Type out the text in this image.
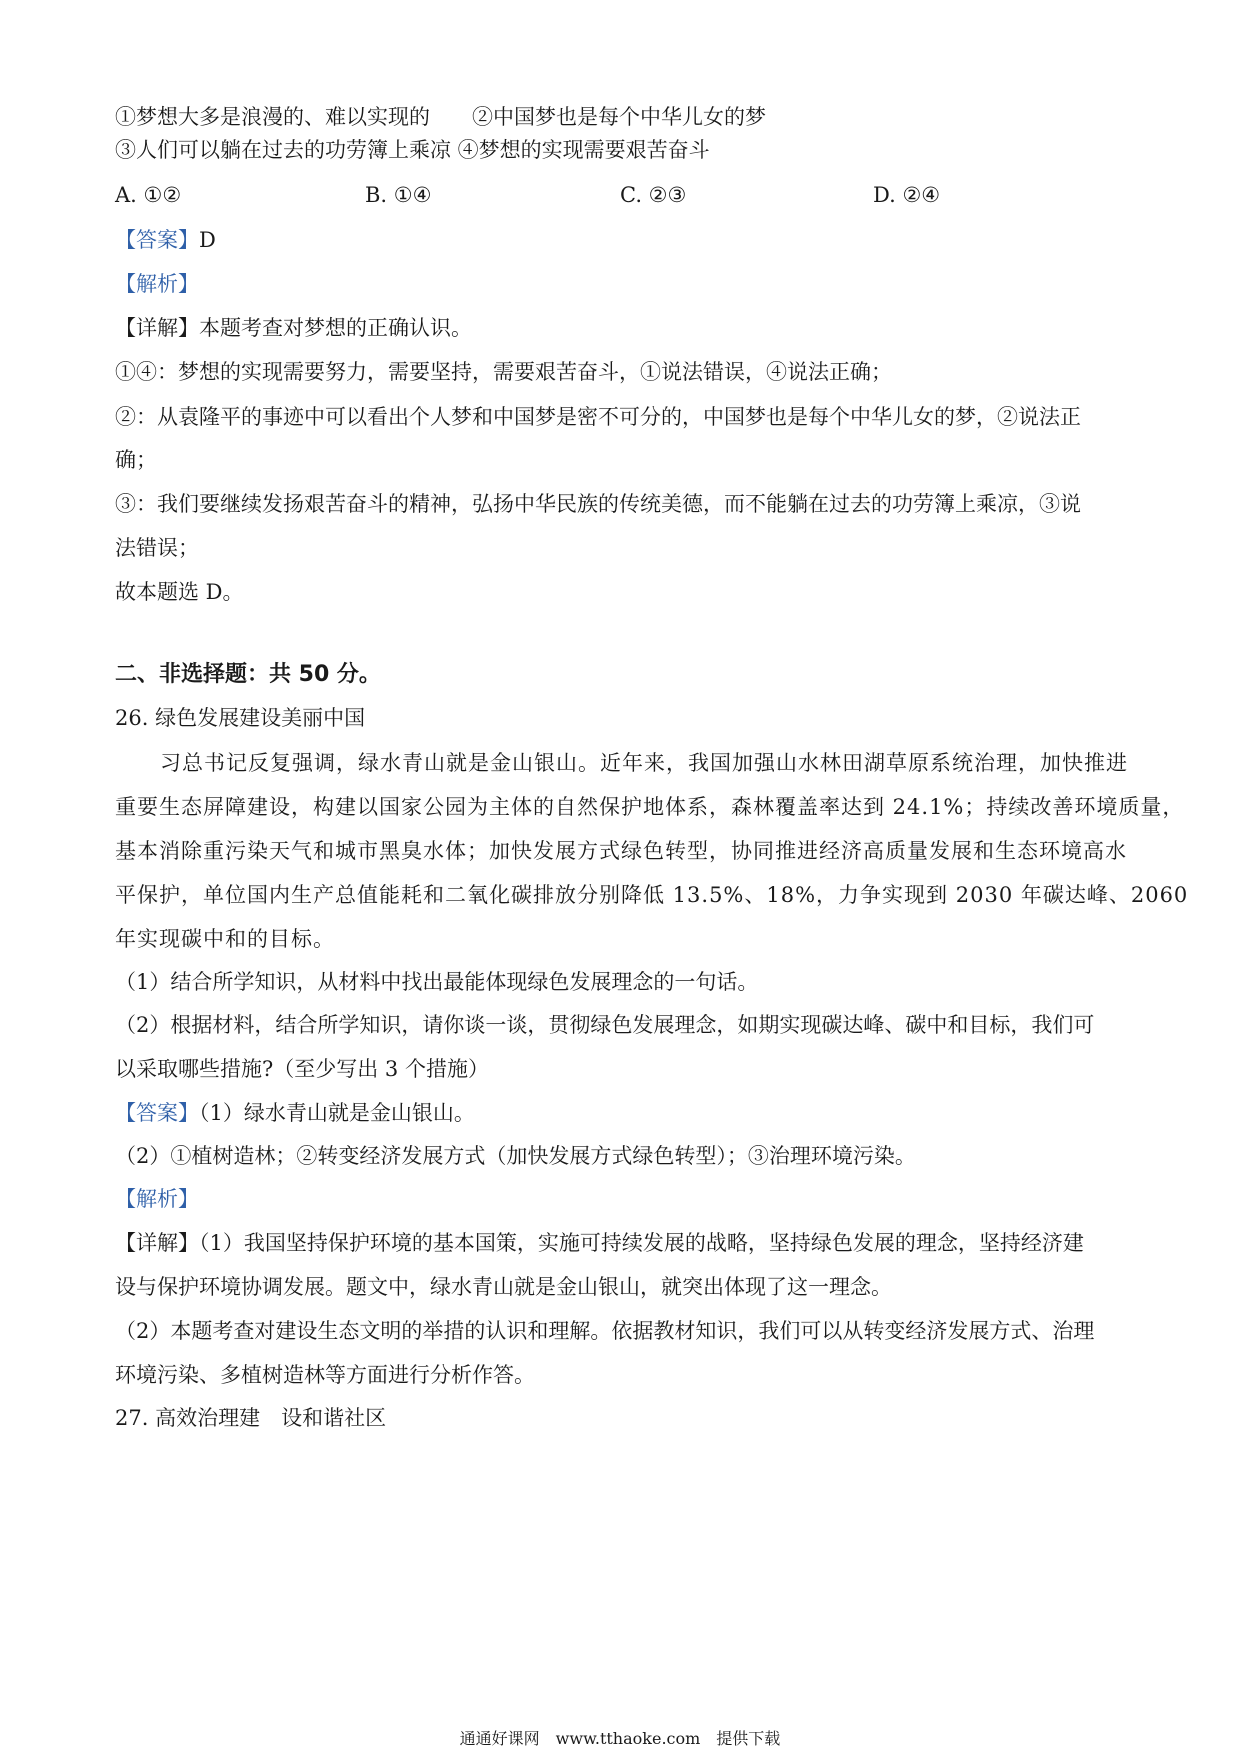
①梦想大多是浪漫的、难以实现的　　②中国梦也是每个中华儿女的梦
③人们可以躺在过去的功劳簿上乘凉 ④梦想的实现需要艰苦奋斗
A. ①②	B. ①④	C. ②③	D. ②④
【答案】D
【解析】
【详解】本题考查对梦想的正确认识。
①④：梦想的实现需要努力，需要坚持，需要艰苦奋斗，①说法错误，④说法正确；
②：从袁隆平的事迹中可以看出个人梦和中国梦是密不可分的，中国梦也是每个中华儿女的梦，②说法正
确；
③：我们要继续发扬艰苦奋斗的精神，弘扬中华民族的传统美德，而不能躺在过去的功劳簿上乘凉，③说
法错误；
故本题选 D。
二、非选择题：共 50 分。
26. 绿色发展建设美丽中国
习总书记反复强调，绿水青山就是金山银山。近年来，我国加强山水林田湖草原系统治理，加快推进
重要生态屏障建设，构建以国家公园为主体的自然保护地体系，森林覆盖率达到 24.1%；持续改善环境质量，
基本消除重污染天气和城市黑臭水体；加快发展方式绿色转型，协同推进经济高质量发展和生态环境高水
平保护，单位国内生产总值能耗和二氧化碳排放分别降低 13.5%、18%，力争实现到 2030 年碳达峰、2060
年实现碳中和的目标。
（1）结合所学知识，从材料中找出最能体现绿色发展理念的一句话。
（2）根据材料，结合所学知识，请你谈一谈，贯彻绿色发展理念，如期实现碳达峰、碳中和目标，我们可
以采取哪些措施?（至少写出 3 个措施）
【答案】（1）绿水青山就是金山银山。
（2）①植树造林；②转变经济发展方式（加快发展方式绿色转型）；③治理环境污染。
【解析】
【详解】（1）我国坚持保护环境的基本国策，实施可持续发展的战略，坚持绿色发展的理念，坚持经济建
设与保护环境协调发展。题文中，绿水青山就是金山银山，就突出体现了这一理念。
（2）本题考查对建设生态文明的举措的认识和理解。依据教材知识，我们可以从转变经济发展方式、治理
环境污染、多植树造林等方面进行分析作答。
27. 高效治理建　设和谐社区
通通好课网　www.tthaoke.com　提供下载
